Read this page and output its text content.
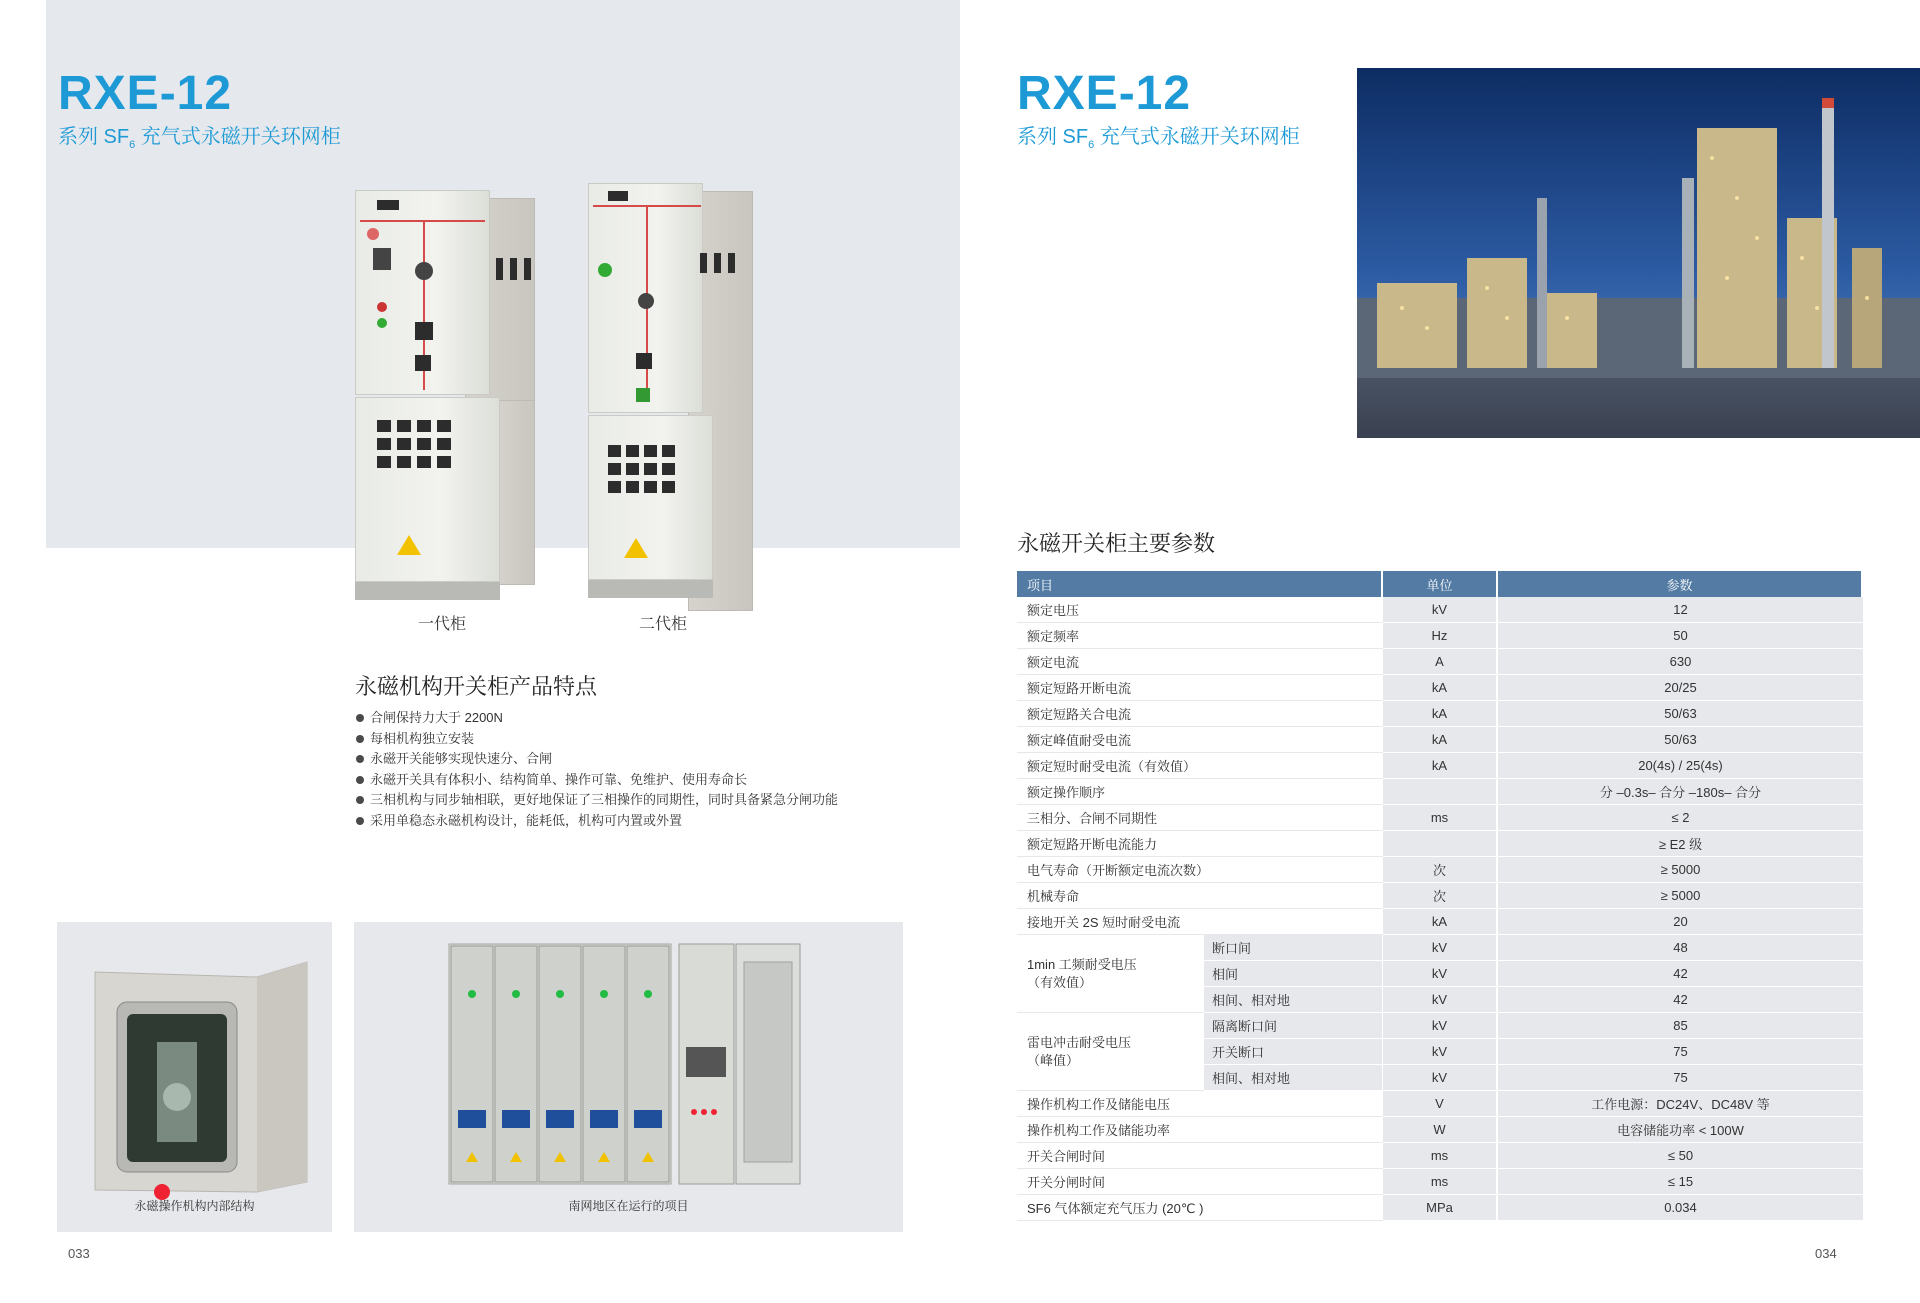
RXE-12
系列 $SF_6$ 充气式永磁开关环网柜
一代柜	二代柜
永磁机构开关柜产品特点
合闸保持力大于 2200N
每相机构独立安装
永磁开关能够实现快速分、合闸
永磁开关具有体积小、结构简单、操作可靠、免维护、使用寿命长
三相机构与同步轴相联，更好地保证了三相操作的同期性，同时具备紧急分闸功能
采用单稳态永磁机构设计，能耗低，机构可内置或外置
永磁操作机构内部结构	南网地区在运行的项目
033
RXE-12
系列 $SF_6$ 充气式永磁开关环网柜
永磁开关柜主要参数
项目		单位	参数
额定电压		kV	12
额定频率		Hz	50
额定电流		A	630
额定短路开断电流		kA	20/25
额定短路关合电流		kA	50/63
额定峰值耐受电流		kA	50/63
额定短时耐受电流（有效值）		kA	20(4s) / 25(4s)
额定操作顺序			分 –0.3s– 合分 –180s– 合分
三相分、合闸不同期性		ms	≤ 2
额定短路开断电流能力			≥ E2 级
电气寿命（开断额定电流次数）		次	≥ 5000
机械寿命		次	≥ 5000
接地开关 2S 短时耐受电流		kA	20
1min 工频耐受电压
（有效值）	断口间	kV	48
	相间	kV	42
	相间、相对地	kV	42
雷电冲击耐受电压
（峰值）	隔离断口间	kV	85
	开关断口	kV	75
	相间、相对地	kV	75
操作机构工作及储能电压		V	工作电源：DC24V、DC48V 等
操作机构工作及储能功率		W	电容储能功率 < 100W
开关合闸时间		ms	≤ 50
开关分闸时间		ms	≤ 15
SF6 气体额定充气压力 (20℃ )		MPa	0.034
034
